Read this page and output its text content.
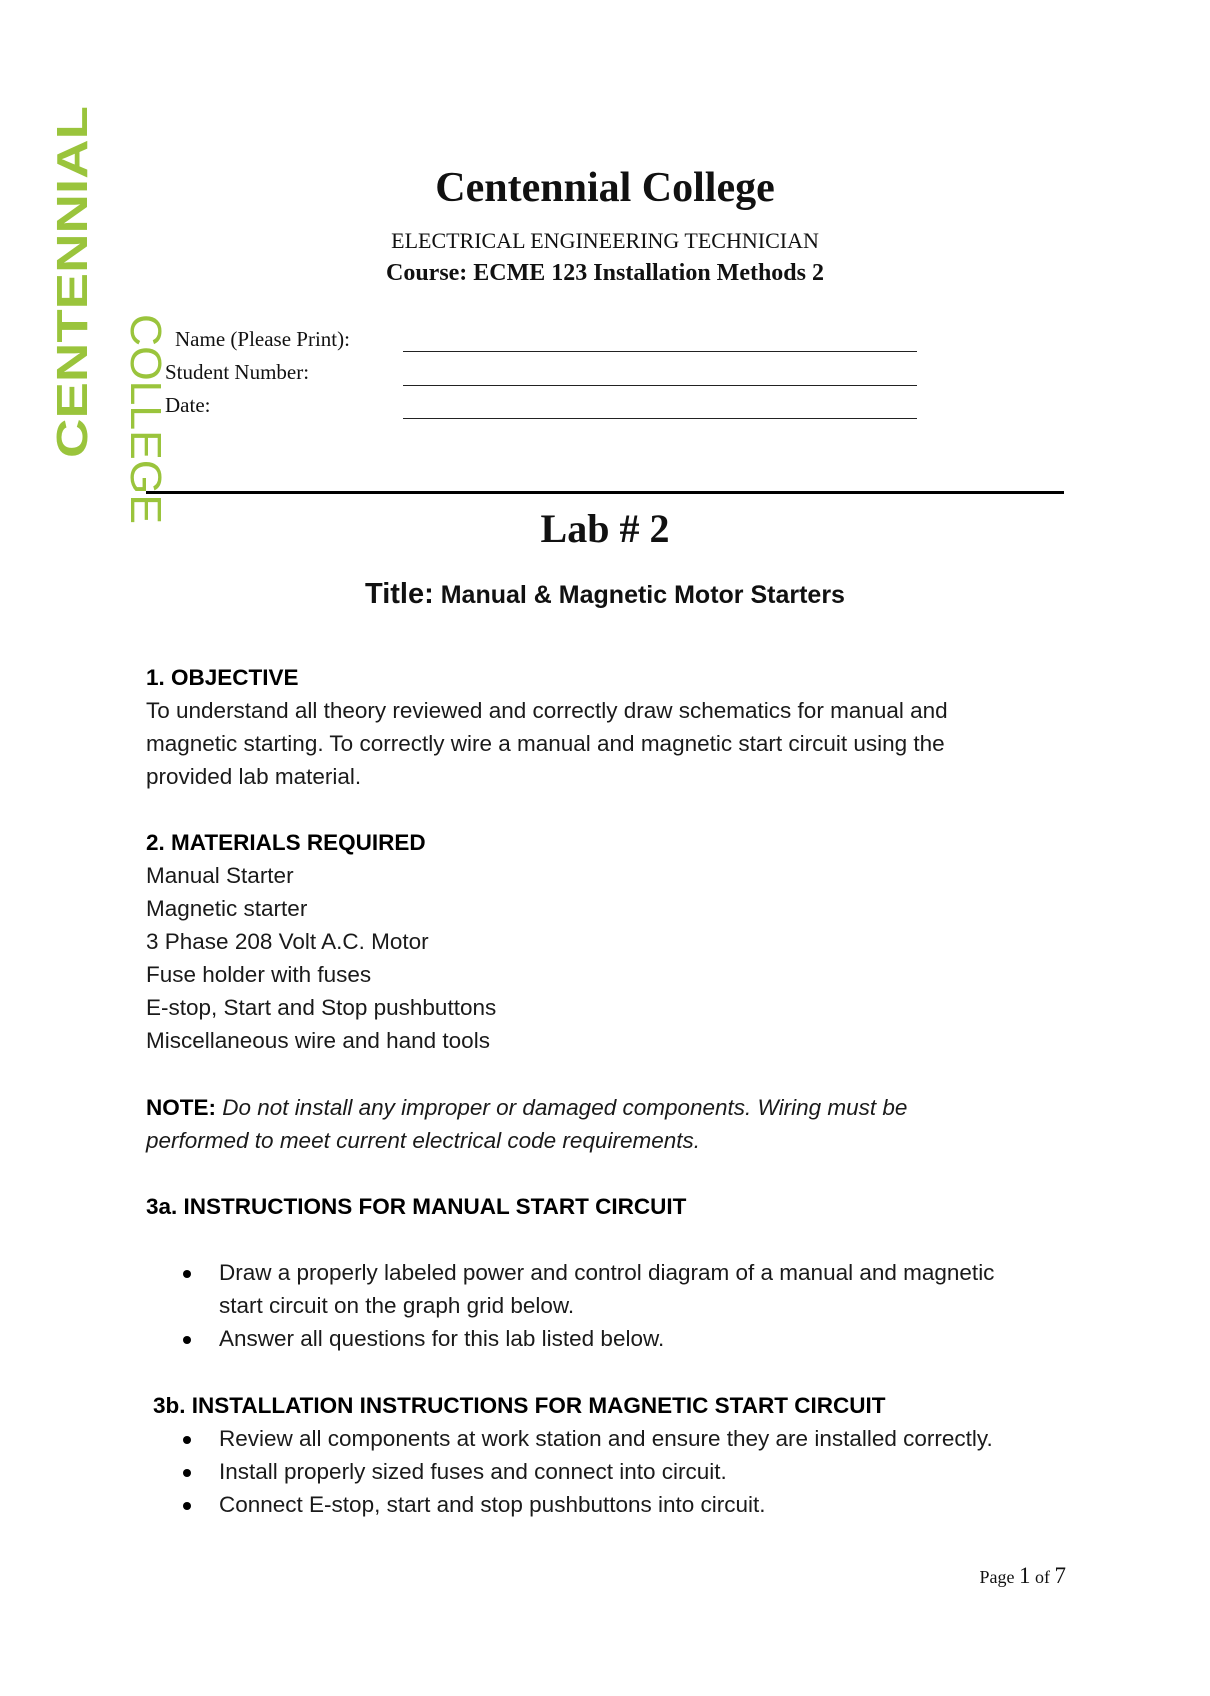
CENTENNIAL COLLEGE
Centennial College
ELECTRICAL ENGINEERING TECHNICIAN
Course: ECME 123 Installation Methods 2
Name (Please Print):
Student Number:
Date:
Lab # 2
Title: Manual & Magnetic Motor Starters
1. OBJECTIVE
To understand all theory reviewed and correctly draw schematics for manual and
magnetic starting. To correctly wire a manual and magnetic start circuit using the
provided lab material.
2. MATERIALS REQUIRED
Manual Starter
Magnetic starter
3 Phase 208 Volt A.C. Motor
Fuse holder with fuses
E-stop, Start and Stop pushbuttons
Miscellaneous wire and hand tools
NOTE: Do not install any improper or damaged components. Wiring must be
performed to meet current electrical code requirements.
3a. INSTRUCTIONS FOR MANUAL START CIRCUIT
Draw a properly labeled power and control diagram of a manual and magnetic
start circuit on the graph grid below.
Answer all questions for this lab listed below.
3b. INSTALLATION INSTRUCTIONS FOR MAGNETIC START CIRCUIT
Review all components at work station and ensure they are installed correctly.
Install properly sized fuses and connect into circuit.
Connect E-stop, start and stop pushbuttons into circuit.
Page 1 of 7
